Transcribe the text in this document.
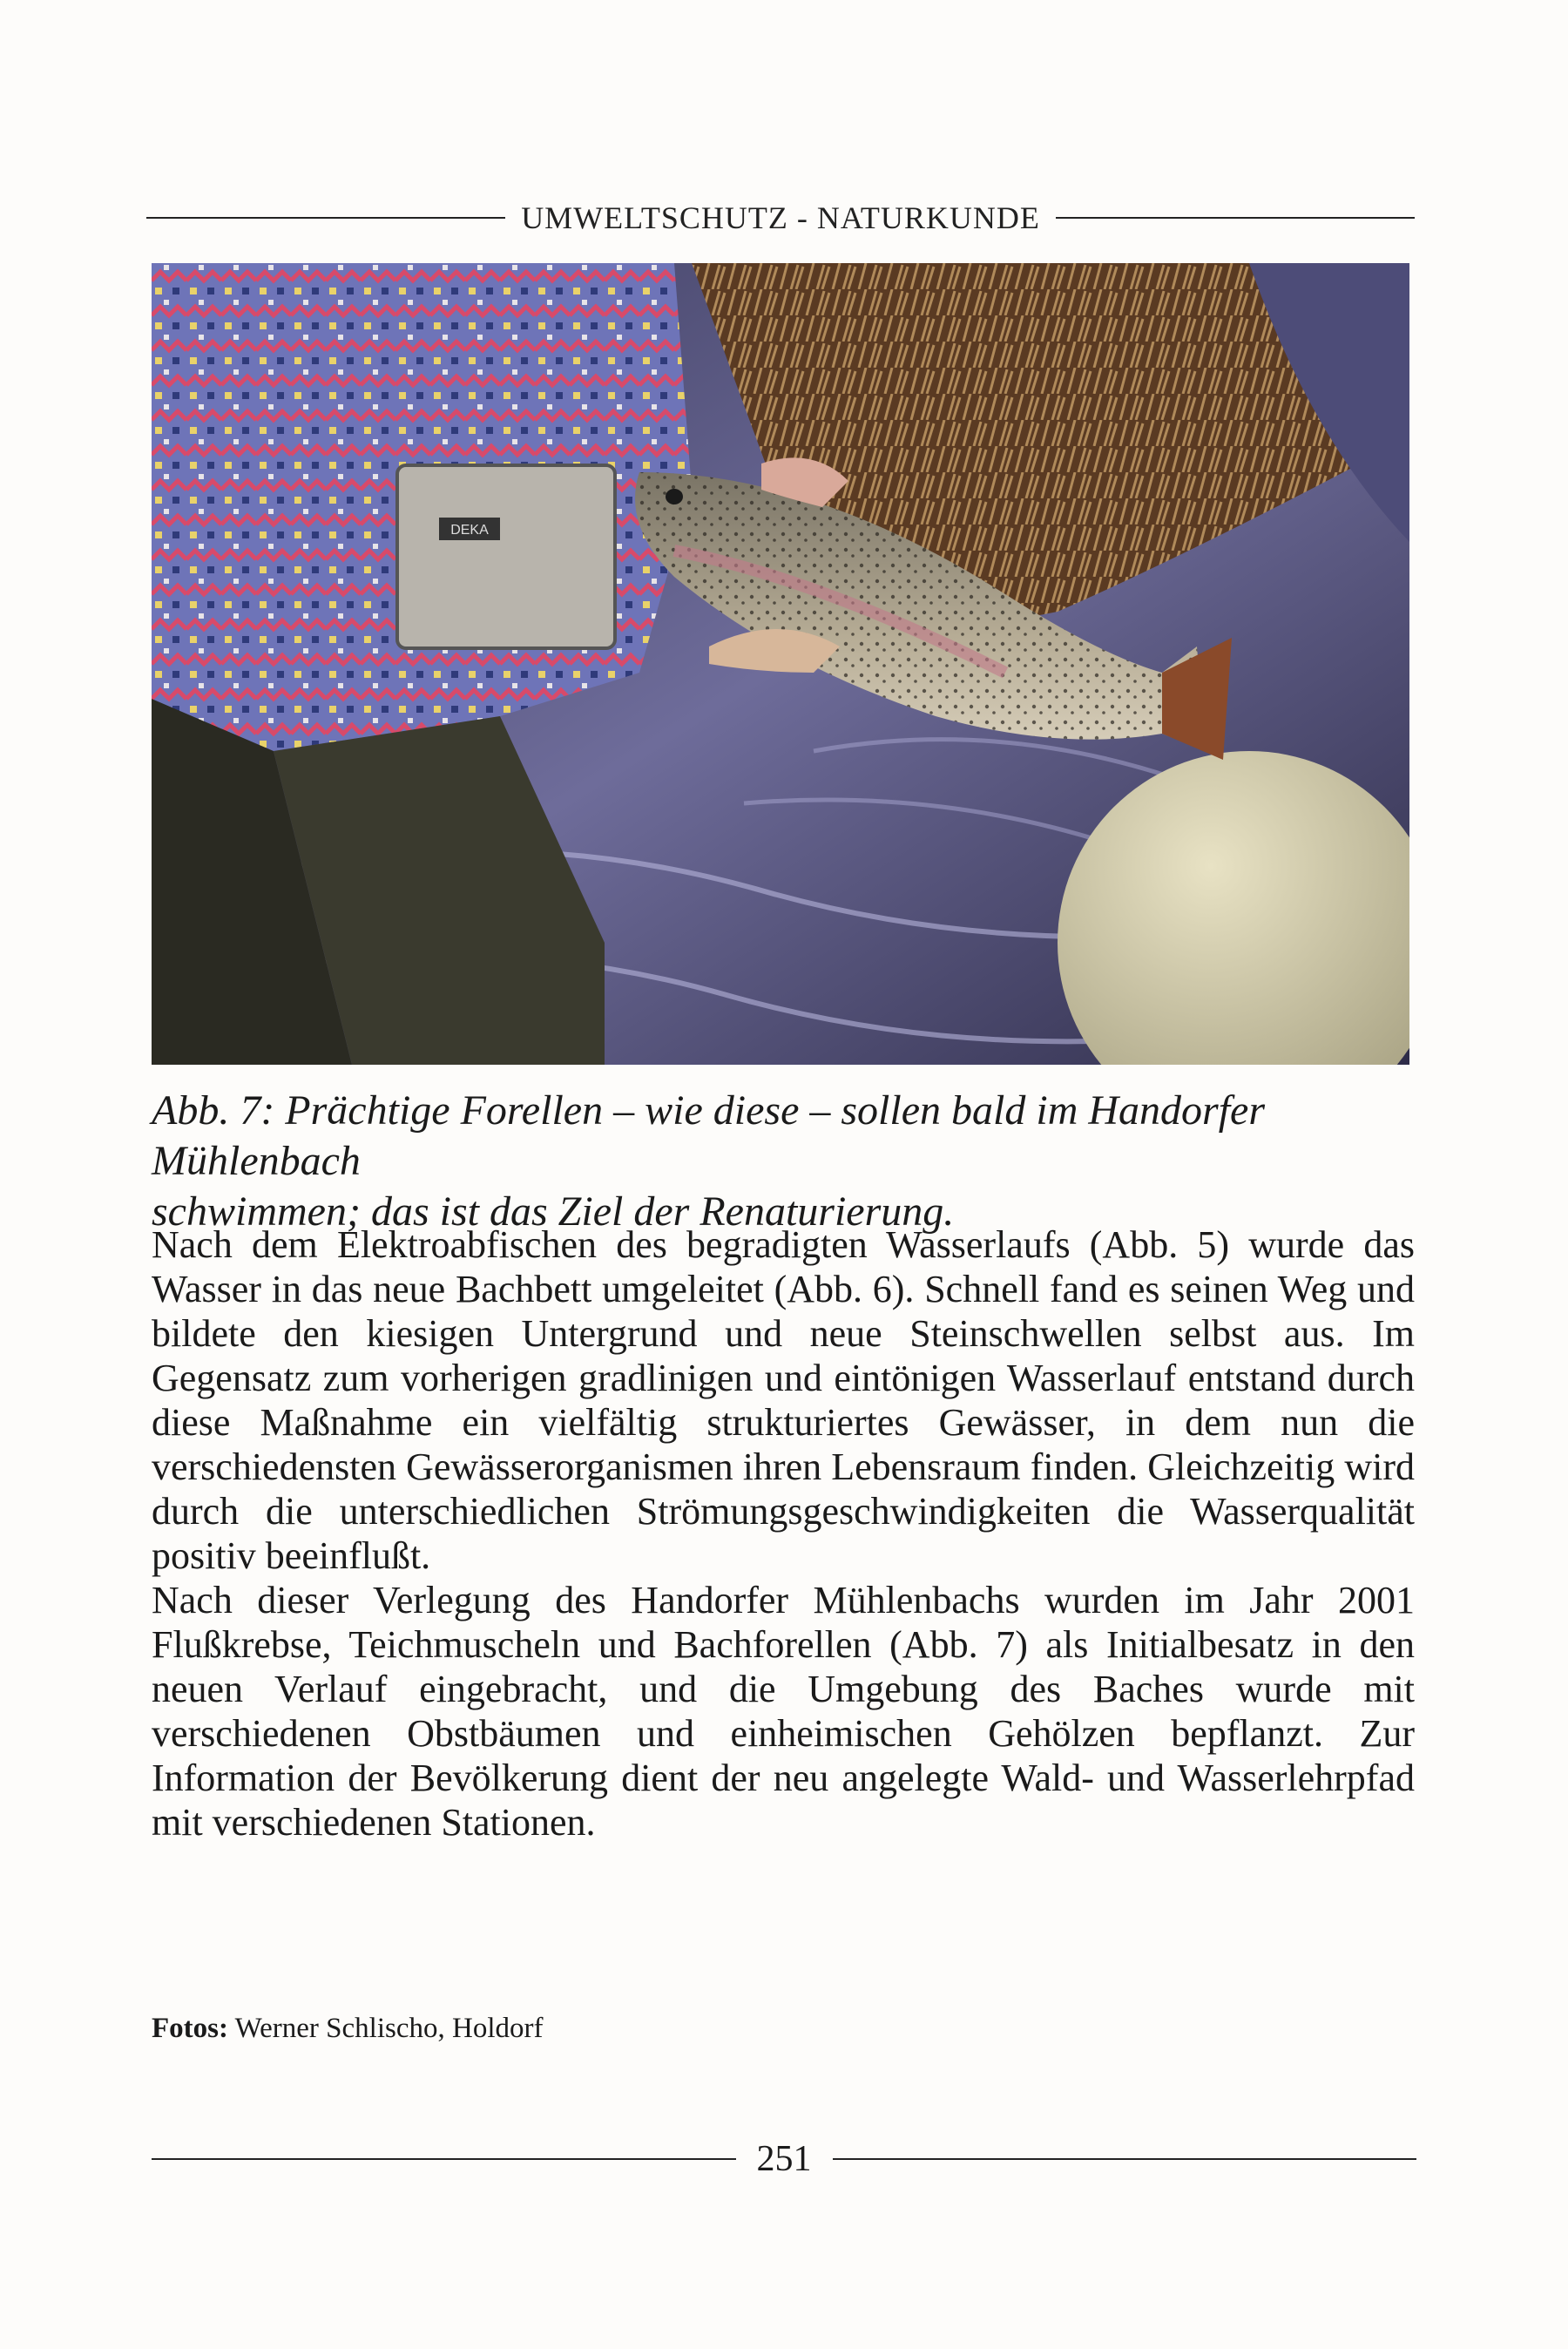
UMWELTSCHUTZ - NATURKUNDE
DEKA
Abb. 7: Prächtige Forellen – wie diese – sollen bald im Handorfer Mühlenbach
schwimmen; das ist das Ziel der Renaturierung.

Nach dem Elektroabfischen des begradigten Wasserlaufs (Abb. 5) wurde das Wasser in das neue Bachbett umgeleitet (Abb. 6). Schnell fand es seinen Weg und bildete den kiesigen Untergrund und neue Steinschwellen selbst aus. Im Gegensatz zum vorherigen gradlinigen und eintönigen Wasserlauf entstand durch diese Maßnahme ein vielfältig strukturiertes Gewässer, in dem nun die verschiedensten Gewässerorganismen ihren Lebensraum finden. Gleichzeitig wird durch die unterschiedlichen Strömungsgeschwindigkeiten die Wasserqualität positiv beeinflußt.

Nach dieser Verlegung des Handorfer Mühlenbachs wurden im Jahr 2001 Flußkrebse, Teichmuscheln und Bachforellen (Abb. 7) als Initialbesatz in den neuen Verlauf eingebracht, und die Umgebung des Baches wurde mit verschiedenen Obstbäumen und einheimischen Gehölzen bepflanzt. Zur Information der Bevölkerung dient der neu angelegte Wald- und Wasserlehrpfad mit verschiedenen Stationen.

Fotos: Werner Schlischo, Holdorf
251
